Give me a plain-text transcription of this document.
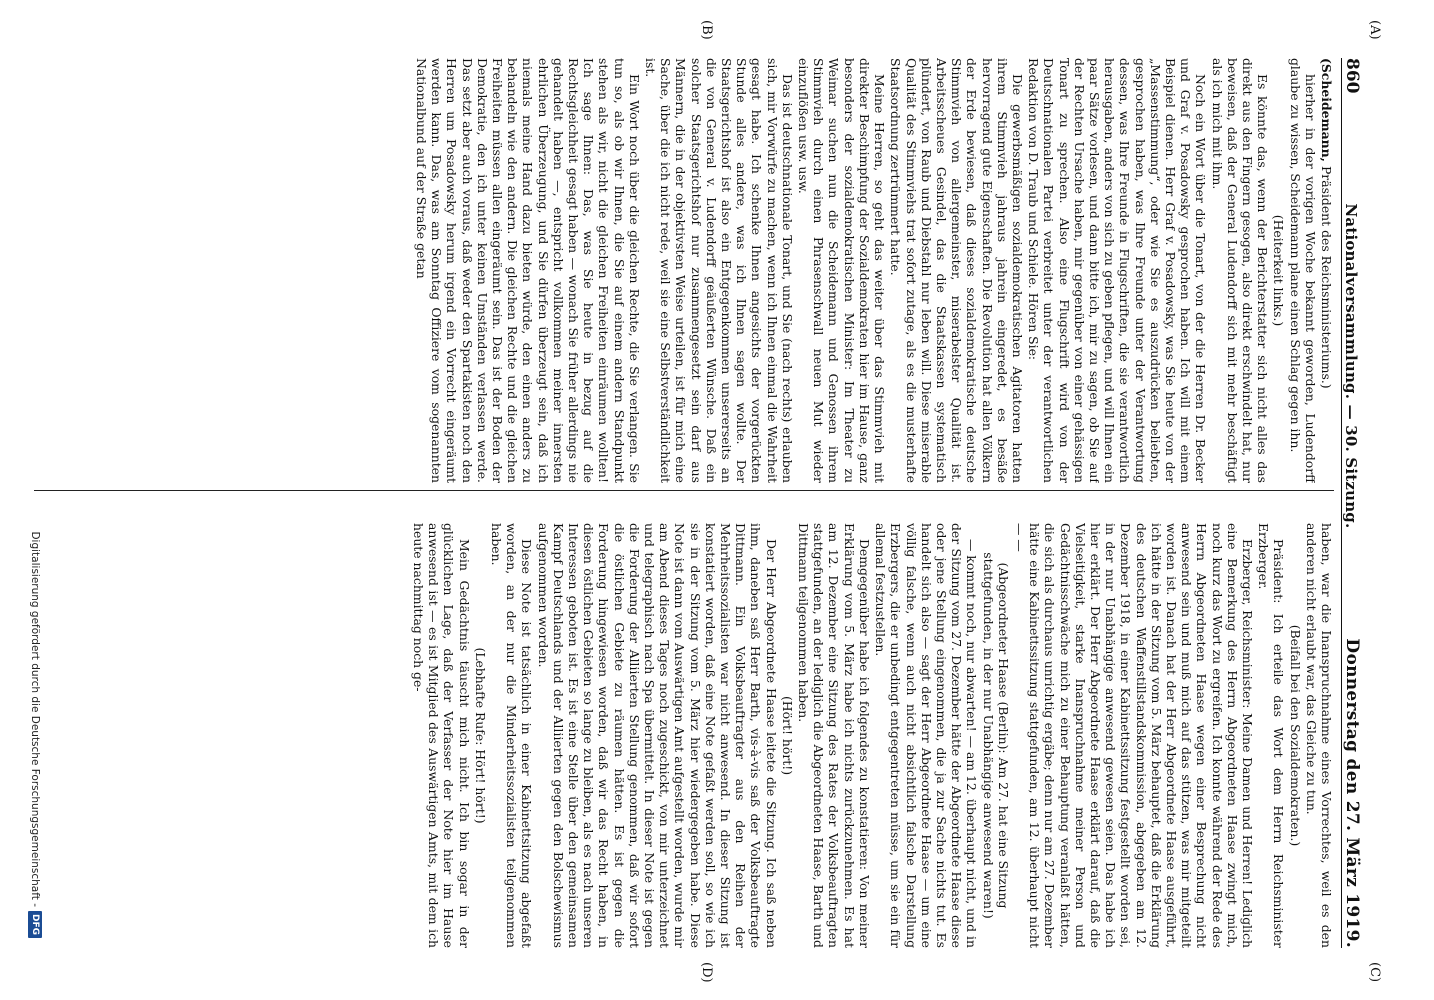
(A)
(B)
(C)
(D)
860
Nationalversammlung. — 30. Sitzung.
Donnerstag den 27. März 1919.

(Scheidemann, Präsident des Reichsministeriums.)

hierher in der vorigen Woche bekannt geworden, Ludendorff glaube zu wissen, Scheidemann plane einen Schlag gegen ihn.

(Heiterkeit links.)

Es könnte das, wenn der Berichterstatter sich nicht alles das direkt aus den Fingern gesogen, also direkt erschwindelt hat, nur beweisen, daß der General Ludendorff sich mit mehr beschäftigt als ich mich mit ihm.

Noch ein Wort über die Tonart, von der die Herren Dr. Becker und Graf v. Posadowsky gesprochen haben. Ich will mit einem Beispiel dienen. Herr Graf v. Posadowsky, was Sie heute von der „Massenstimmung“, oder wie Sie es auszudrücken beliebten, gesprochen haben, was Ihre Freunde unter der Verantwortung dessen, was Ihre Freunde in Flugschriften, die sie verantwortlich herausgaben, anders von sich zu geben pflegen, und will Ihnen ein paar Sätze vorlesen, und dann bitte ich, mir zu sagen, ob Sie auf der Rechten Ursache haben, mir gegenüber von einer gehässigen Tonart zu sprechen. Also eine Flugschrift wird von der Deutschnationalen Partei verbreitet unter der verantwortlichen Redaktion von D. Traub und Schiele. Hören Sie:

Die gewerbsmäßigen sozialdemokratischen Agitatoren hatten ihrem Stimmvieh jahraus jahrein eingeredet, es besäße hervorragend gute Eigenschaften. Die Revolution hat allen Völkern der Erde bewiesen, daß dieses sozialdemokratische deutsche Stimmvieh von allergemeinster, miserabelster Qualität ist. Arbeitsscheues Gesindel, das die Staatskassen systematisch plündert, von Raub und Diebstahl nur leben will. Diese miserable Qualität des Stimmviehs trat sofort zutage, als es die musterhafte Staatsordnung zertrümmert hatte.

Meine Herren, so geht das weiter über das Stimmvieh mit direkter Beschimpfung der Sozialdemokraten hier im Hause, ganz besonders der sozialdemokratischen Minister: Im Theater zu Weimar suchen nun die Scheidemann und Genossen ihrem Stimmvieh durch einen Phrasenschwall neuen Mut wieder einzuflößen usw. usw.

Das ist deutschnationale Tonart, und Sie (nach rechts) erlauben sich, mir Vorwürfe zu machen, wenn ich Ihnen einmal die Wahrheit gesagt habe. Ich schenke Ihnen angesichts der vorgerückten Stunde alles andere, was ich Ihnen sagen wollte. Der Staatsgerichtshof ist also ein Entgegenkommen unsererseits an die von General v. Ludendorff geäußerten Wünsche. Daß ein solcher Staatsgerichtshof nur zusammengesetzt sein darf aus Männern, die in der objektivsten Weise urteilen, ist für mich eine Sache, über die ich nicht rede, weil sie eine Selbstverständlichkeit ist.

Ein Wort noch über die gleichen Rechte, die Sie verlangen. Sie tun so, als ob wir Ihnen, die Sie auf einem andern Standpunkt stehen als wir, nicht die gleichen Freiheiten einräumen wollten! Ich sage Ihnen: Das, was Sie heute in bezug auf die Rechtsgleichheit gesagt haben — wonach Sie früher allerdings nie gehandelt haben —, entspricht vollkommen meiner innersten ehrlichen Überzeugung, und Sie dürfen überzeugt sein, daß ich niemals meine Hand dazu bieten würde, den einen anders zu behandeln wie den andern. Die gleichen Rechte und die gleichen Freiheiten müssen allen eingeräumt sein. Das ist der Boden der Demokratie, den ich unter keinen Umständen verlassen werde. Das setzt aber auch voraus, daß weder den Spartakisten noch den Herren um Posadowsky herum irgend ein Vorrecht eingeräumt werden kann. Das, was am Sonntag Offiziere vom sogenannten Nationalbund auf der Straße getan

haben, war die Inanspruchnahme eines Vorrechtes, weil es den anderen nicht erlaubt war, das Gleiche zu tun.

(Beifall bei den Sozialdemokraten.)

Präsident: Ich erteile das Wort dem Herrn Reichsminister Erzberger.

Erzberger, Reichsminister: Meine Damen und Herren! Lediglich eine Bemerkung des Herrn Abgeordneten Haase zwingt mich, noch kurz das Wort zu ergreifen. Ich konnte während der Rede des Herrn Abgeordneten Haase wegen einer Besprechung nicht anwesend sein und muß mich auf das stützen, was mir mitgeteilt worden ist. Danach hat der Herr Abgeordnete Haase ausgeführt, ich hätte in der Sitzung vom 5. März behauptet, daß die Erklärung des deutschen Waffenstillstandskommission, abgegeben am 12. Dezember 1918, in einer Kabinettssitzung festgestellt worden sei, in der nur Unabhängige anwesend gewesen seien. Das habe ich hier erklärt. Der Herr Abgeordnete Haase erklärt darauf, daß die Vielseitigkeit, starke Inanspruchnahme meiner Person und Gedächtnisschwäche mich zu einer Behauptung veranlaßt hätten, die sich als durchaus unrichtig ergäbe; denn nur am 27. Dezember hätte eine Kabinettssitzung stattgefunden, am 12. überhaupt nicht — —

(Abgeordneter Haase (Berlin): Am 27. hat eine Sitzung stattgefunden, in der nur Unabhängige anwesend waren!)

— kommt noch, nur abwarten! — am 12. überhaupt nicht, und in der Sitzung vom 27. Dezember hätte der Abgeordnete Haase diese oder jene Stellung eingenommen, die ja zur Sache nichts tut. Es handelt sich also — sagt der Herr Abgeordnete Haase — um eine völlig falsche, wenn auch nicht absichtlich falsche Darstellung Erzbergers, die er unbedingt entgegentreten müsse, um sie ein für allemal festzustellen.

Demgegenüber habe ich folgendes zu konstatieren: Von meiner Erklärung vom 5. März habe ich nichts zurückzunehmen. Es hat am 12. Dezember eine Sitzung des Rates der Volksbeauftragten stattgefunden, an der lediglich die Abgeordneten Haase, Barth und Dittmann teilgenommen haben.

(Hört! hört!)

Der Herr Abgeordnete Haase leitete die Sitzung. Ich saß neben ihm, daneben saß Herr Barth, vis-à-vis saß der Volksbeauftragte Dittmann. Ein Volksbeauftragter aus den Reihen der Mehrheitssozialisten war nicht anwesend. In dieser Sitzung ist konstatiert worden, daß eine Note gefaßt werden soll, so wie ich sie in der Sitzung vom 5. März hier wiedergegeben habe. Diese Note ist dann vom Auswärtigen Amt aufgestellt worden, wurde mir am Abend dieses Tages noch zugeschickt, von mir unterzeichnet und telegraphisch nach Spa übermittelt. In dieser Note ist gegen die Forderung der Alliierten Stellung genommen, daß wir sofort die östlichen Gebiete zu räumen hätten. Es ist gegen die Forderung hingewiesen worden, daß wir das Recht haben, in diesen östlichen Gebieten so lange zu bleiben, als es nach unseren Interessen geboten ist. Es ist eine Stelle über den gemeinsamen Kampf Deutschlands und der Alliierten gegen den Bolschewismus aufgenommen worden.

Diese Note ist tatsächlich in einer Kabinettsitzung abgefaßt worden, an der nur die Minderheitssozialisten teilgenommen haben.

(Lebhafte Rufe: Hört! hört!)

Mein Gedächtnis täuscht mich nicht. Ich bin sogar in der glücklichen Lage, daß der Verfasser der Note hier im Hause anwesend ist — es ist Mitglied des Auswärtigen Amts, mit dem ich heute nachmittag noch ge-

Digitalisierung gefördert durch die Deutsche Forschungsgemeinschaft -
DFG
